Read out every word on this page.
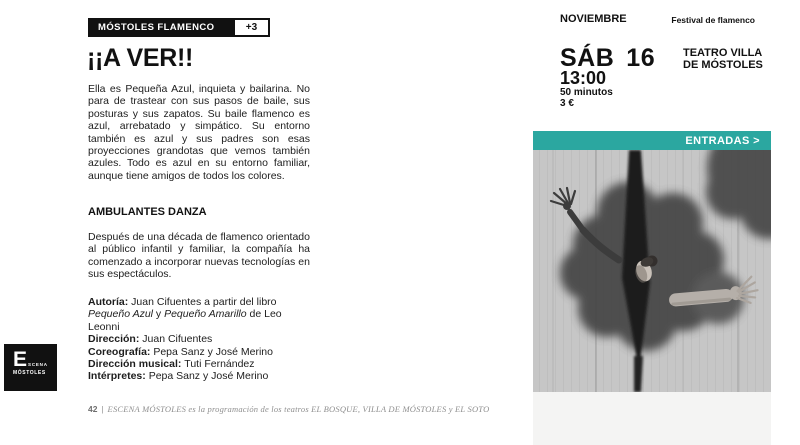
MÓSTOLES FLAMENCO	+3
¡¡A VER!!

Ella es Pequeña Azul, inquieta y bailarina. No para de trastear con sus pasos de baile, sus posturas y sus zapatos. Su baile flamenco es azul, arrebatado y simpático. Su entorno también es azul y sus padres son esas proyecciones grandotas que vemos también azules. Todo es azul en su entorno familiar, aunque tiene amigos de todos los colores.

AMBULANTES DANZA

Después de una década de flamenco orientado al público infantil y familiar, la compañía ha comenzado a incorporar nuevas tecnologías en sus espectáculos.

Autoría: Juan Cifuentes a partir del libro Pequeño Azul y Pequeño Amarillo de Leo Leonni
Dirección: Juan Cifuentes
Coreografía: Pepa Sanz y José Merino
Dirección musical: Tuti Fernández
Intérpretes: Pepa Sanz y José Merino
E SCENA
MÓSTOLES
42 | ESCENA MÓSTOLES es la programación de los teatros EL BOSQUE, VILLA DE MÓSTOLES y EL SOTO
NOVIEMBRE	Festival de flamenco
SÁB 16	TEATRO VILLA
DE MÓSTOLES
13:00
50 minutos
3 €
ENTRADAS >
